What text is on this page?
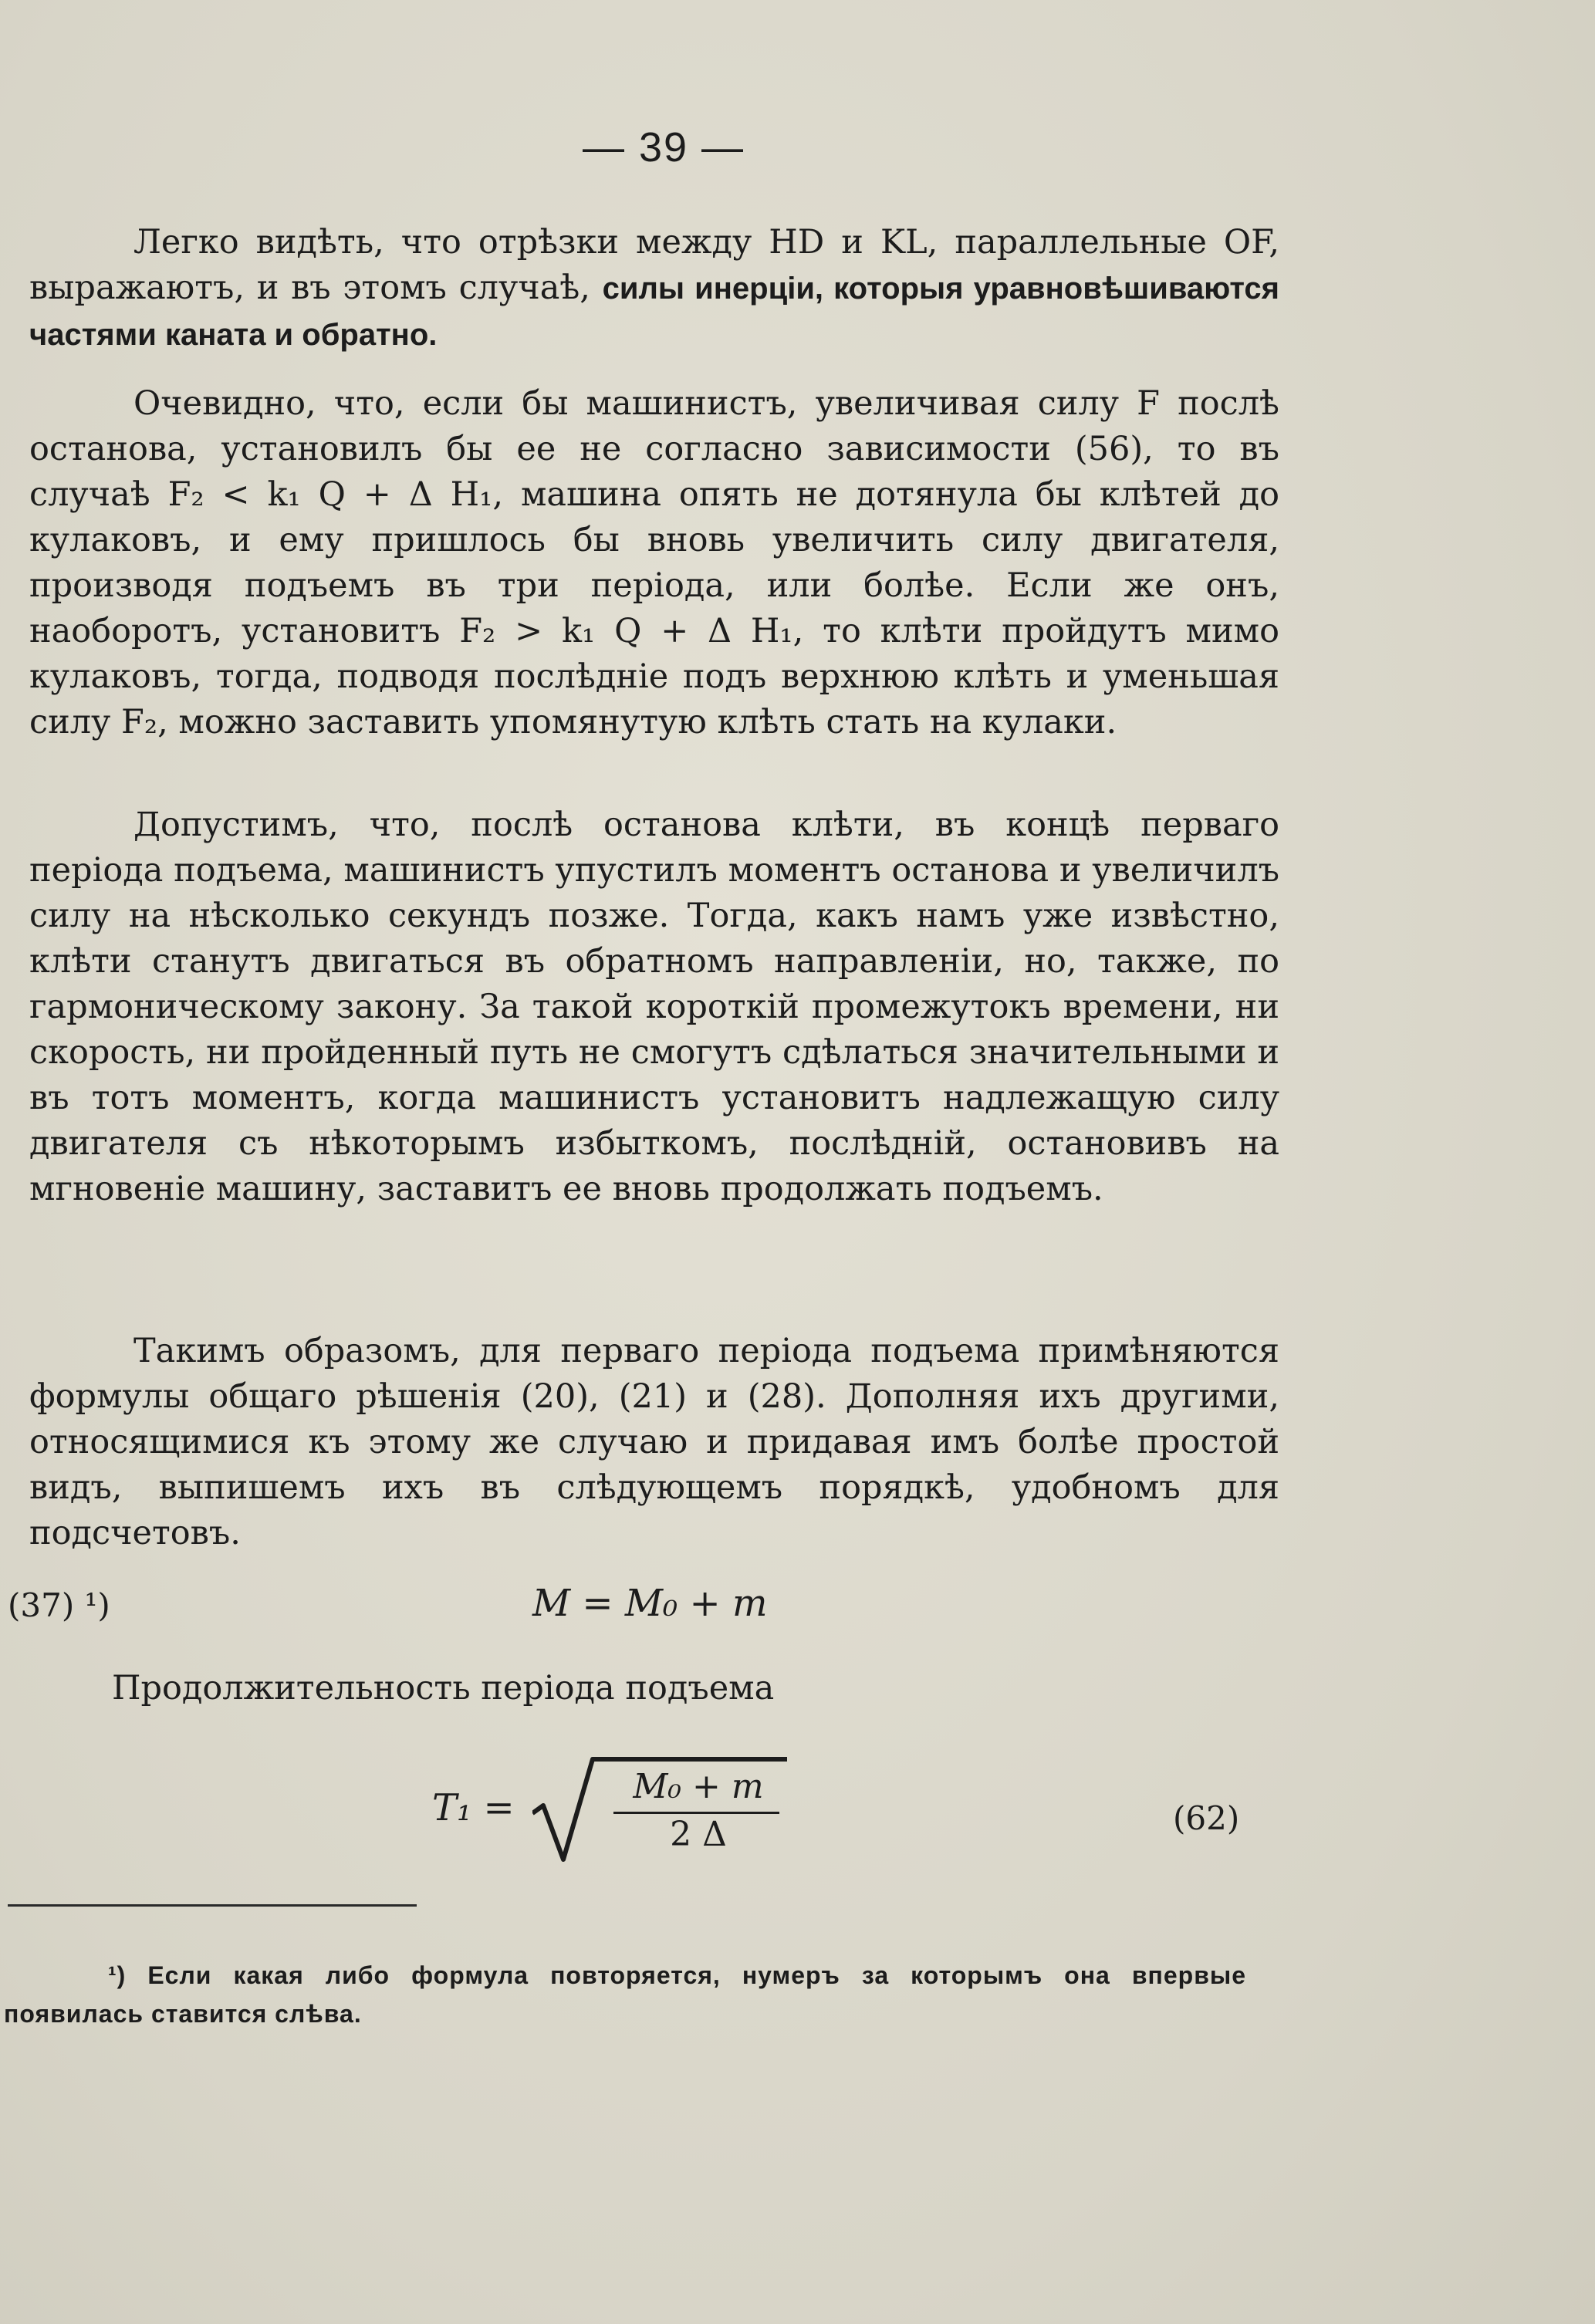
— 39 —

Легко видѣть, что отрѣзки между HD и KL, параллельные OF, выражаютъ, и въ этомъ случаѣ, силы инерціи, которыя уравновѣшиваются частями каната и обратно.

Очевидно, что, если бы машинистъ, увеличивая силу F послѣ останова, установилъ бы ее не согласно зависимости (56), то въ случаѣ F₂ < k₁ Q + Δ H₁, машина опять не дотянула бы клѣтей до кулаковъ, и ему пришлось бы вновь увеличить силу двигателя, производя подъемъ въ три періода, или болѣе. Если же онъ, наоборотъ, установитъ F₂ > k₁ Q + Δ H₁, то клѣти пройдутъ мимо кулаковъ, тогда, подводя послѣдніе подъ верхнюю клѣть и уменьшая силу F₂, можно заставить упомянутую клѣть стать на кулаки.

Допустимъ, что, послѣ останова клѣти, въ концѣ перваго періода подъема, машинистъ упустилъ моментъ останова и увеличилъ силу на нѣсколько секундъ позже. Тогда, какъ намъ уже извѣстно, клѣти станутъ двигаться въ обратномъ направленіи, но, также, по гармоническому закону. За такой короткій промежутокъ времени, ни скорость, ни пройденный путь не смогутъ сдѣлаться значительными и въ тотъ моментъ, когда машинистъ установитъ надлежащую силу двигателя съ нѣкоторымъ избыткомъ, послѣдній, остановивъ на мгновеніе машину, заставитъ ее вновь продолжать подъемъ.

Такимъ образомъ, для перваго періода подъема примѣняются формулы общаго рѣшенія (20), (21) и (28). Дополняя ихъ другими, относящимися къ этому же случаю и придавая имъ болѣе простой видъ, выпишемъ ихъ въ слѣдующемъ порядкѣ, удобномъ для подсчетовъ.

(37) ¹)	M = M₀ + m
Продолжительность періода подъема
T₁ =	M₀ + m
2 Δ	(62)
¹) Если какая либо формула повторяется, нумеръ за которымъ она впервые появилась ставится слѣва.
